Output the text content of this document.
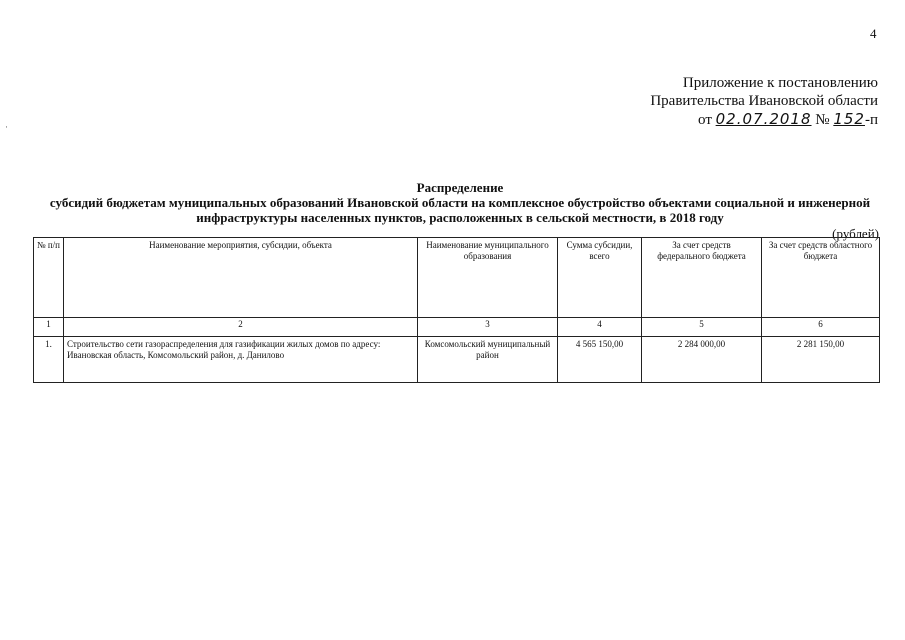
·
4
Приложение к постановлению
Правительства Ивановской области
от 02.07.2018 № 152-п
Распределение
субсидий бюджетам муниципальных образований Ивановской области на комплексное обустройство объектами социальной и инженерной
инфраструктуры населенных пунктов, расположенных в сельской местности, в 2018 году
(рублей)
№ п/п	Наименование мероприятия, субсидии, объекта	Наименование муниципального образования	Сумма субсидии, всего	За счет средств федерального бюджета	За счет средств областного бюджета
1	2	3	4	5	6
1.	Строительство сети газораспределения для газификации жилых домов по адресу: Ивановская область, Комсомольский район, д. Данилово	Комсомольский муниципальный район	4 565 150,00	2 284 000,00	2 281 150,00
